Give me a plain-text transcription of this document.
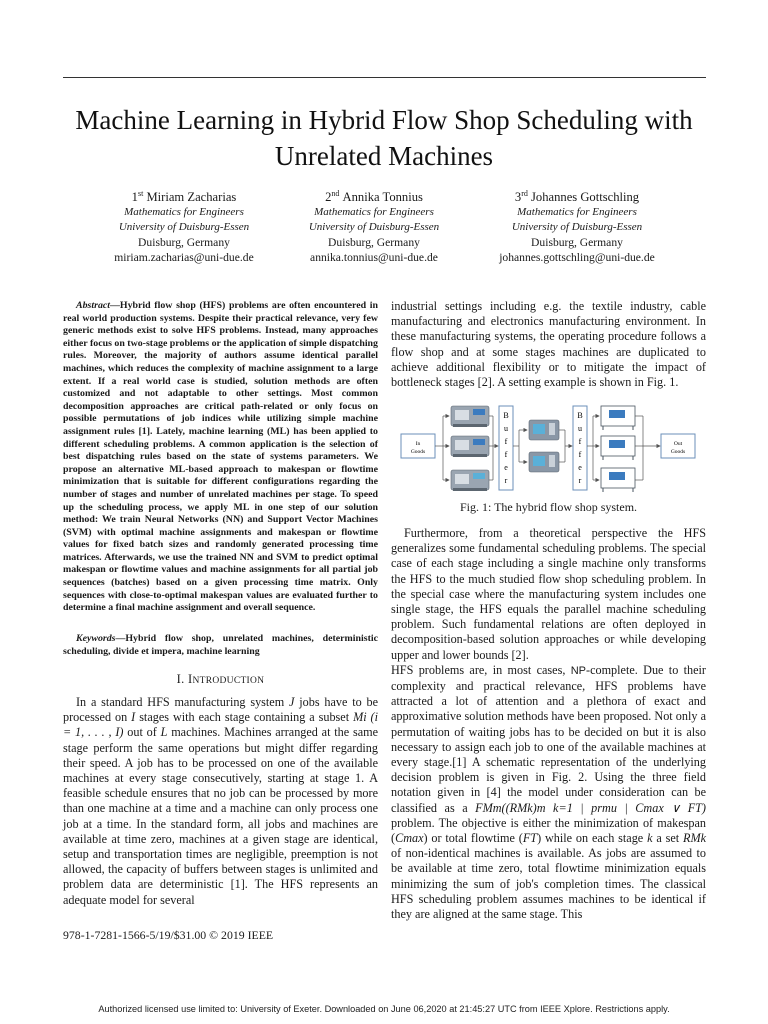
Machine Learning in Hybrid Flow Shop Scheduling with Unrelated Machines
1st Miriam Zacharias
Mathematics for Engineers
University of Duisburg-Essen
Duisburg, Germany
miriam.zacharias@uni-due.de
2nd Annika Tonnius
Mathematics for Engineers
University of Duisburg-Essen
Duisburg, Germany
annika.tonnius@uni-due.de
3rd Johannes Gottschling
Mathematics for Engineers
University of Duisburg-Essen
Duisburg, Germany
johannes.gottschling@uni-due.de

Abstract—Hybrid flow shop (HFS) problems are often encountered in real world production systems. Despite their practical relevance, very few generic methods exist to solve HFS problems. Instead, many approaches either focus on two-stage problems or the application of simple dispatching rules. Moreover, the majority of authors assume identical parallel machines, which reduces the complexity of machine assignment to a large extent. If a real world case is studied, solution methods are often customized and not adaptable to other settings. Most common decomposition approaches are critical path-related or only focus on possible permutations of job indices while utilizing simple machine assignment rules [1]. Lately, machine learning (ML) has been applied to different scheduling problems. A common application is the selection of best dispatching rules based on the state of systems parameters. We propose an alternative ML-based approach to makespan or flowtime minimization that is suitable for different configurations regarding the number of stages and number of unrelated machines per stage. To speed up the scheduling process, we apply ML in one step of our solution method: We train Neural Networks (NN) and Support Vector Machines (SVM) with optimal machine assignments and makespan or flowtime values for fixed batch sizes and randomly generated processing time matrices. Afterwards, we use the trained NN and SVM to predict optimal makespan or flowtime values and machine assignments for all partial job sequences (batches) based on a given processing time matrix. Only sequences with close-to-optimal makespan values are evaluated further to determine a final machine assignment and overall sequence.

Keywords—Hybrid flow shop, unrelated machines, deterministic scheduling, divide et impera, machine learning

I. INTRODUCTION

In a standard HFS manufacturing system J jobs have to be processed on I stages with each stage containing a subset Mi (i = 1, . . . , I) out of L machines. Machines arranged at the same stage perform the same operations but might differ regarding their speed. A job has to be processed on one of the available machines at every stage consecutively, starting at stage 1. A feasible schedule ensures that no job can be processed by more than one machine at a time and a machine can only process one job at a time. In the standard form, all jobs and machines are available at time zero, machines at a given stage are identical, setup and transportation times are negligible, preemption is not allowed, the capacity of buffers between stages is unlimited and problem data are deterministic [1]. The HFS represents an adequate model for several

industrial settings including e.g. the textile industry, cable manufacturing and electronics manufacturing environment. In these manufacturing systems, the operating procedure follows a flow shop and at some stages machines are duplicated to achieve additional flexibility or to mitigate the impact of bottleneck stages [2]. A setting example is shown in Fig. 1.

In
Goods
B
u
f
f
e
r
B
u
f
f
e
r
Out
Goods
Fig. 1: The hybrid flow shop system.

Furthermore, from a theoretical perspective the HFS generalizes some fundamental scheduling problems. The special case of each stage including a single machine only transforms the HFS to the much studied flow shop scheduling problem. In the special case where the manufacturing system includes one single stage, the HFS equals the parallel machine scheduling problem. Such fundamental relations are often deployed in decomposition-based solution approaches or while developing upper and lower bounds [2].

HFS problems are, in most cases, NP-complete. Due to their complexity and practical relevance, HFS problems have attracted a lot of attention and a plethora of exact and approximative solution methods have been proposed. Not only a permutation of waiting jobs has to be decided on but it is also necessary to assign each job to one of the available machines at every stage.[1] A schematic representation of the underlying decision problem is given in Fig. 2. Using the three field notation given in [4] the model under consideration can be classified as a FMm((RMk)m k=1 | prmu | Cmax ∨ FT) problem. The objective is either the minimization of makespan (Cmax) or total flowtime (FT) while on each stage k a set RMk of non-identical machines is available. As jobs are assumed to be available at time zero, total flowtime minimization equals minimizing the sum of job's completion times. The classical HFS scheduling problem assumes machines to be identical if they are aligned at the same stage. This

978-1-7281-1566-5/19/$31.00 © 2019 IEEE
Authorized licensed use limited to: University of Exeter. Downloaded on June 06,2020 at 21:45:27 UTC from IEEE Xplore. Restrictions apply.
